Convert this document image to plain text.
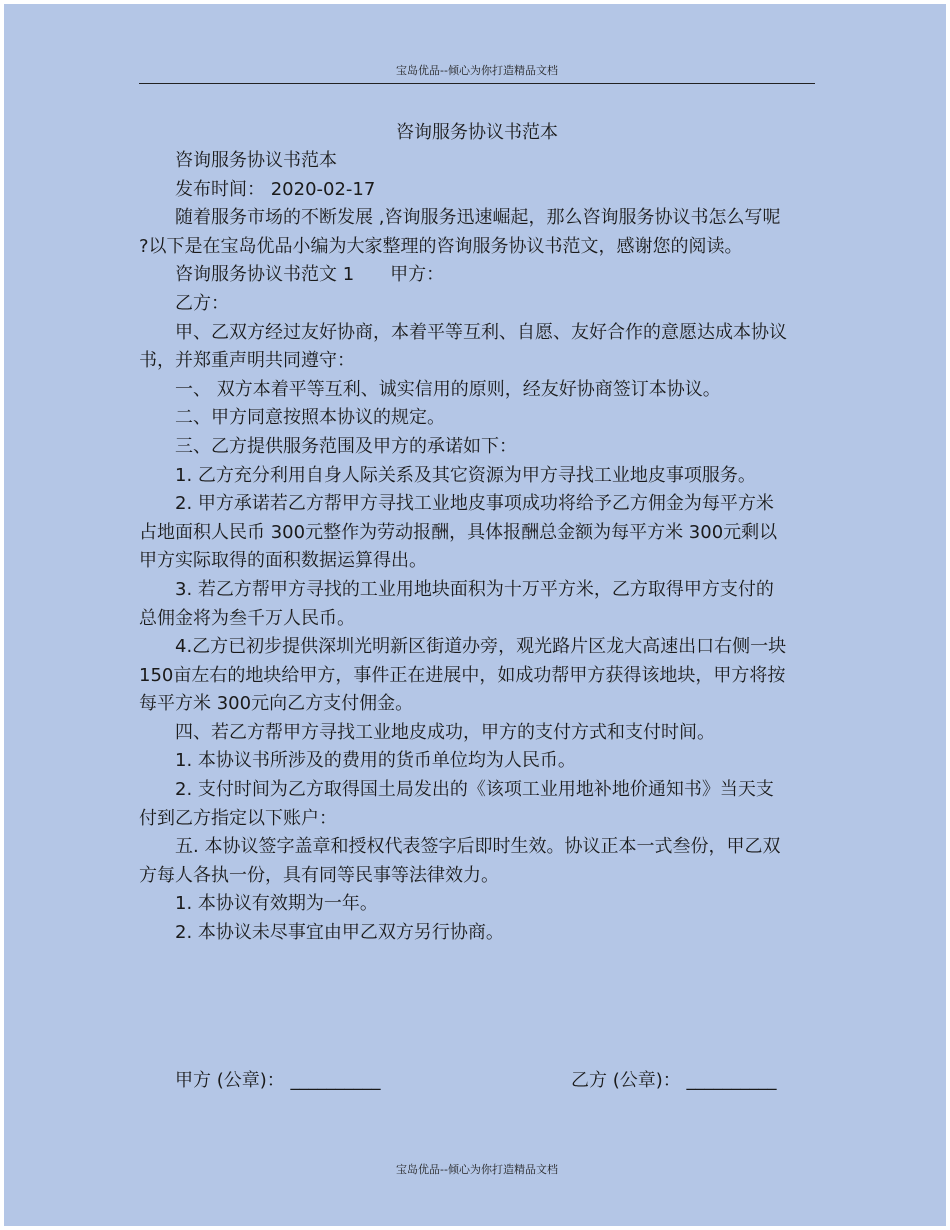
宝岛优品--倾心为你打造精品文档
咨询服务协议书范本

咨询服务协议书范本

发布时间： 2020-02-17

随着服务市场的不断发展 ,咨询服务迅速崛起，那么咨询服务协议书怎么写呢 ?以下是在宝岛优品小编为大家整理的咨询服务协议书范文，感谢您的阅读。

咨询服务协议书范文 1　　甲方：

乙方：

甲、乙双方经过友好协商，本着平等互利、自愿、友好合作的意愿达成本协议书，并郑重声明共同遵守：

一、 双方本着平等互利、诚实信用的原则，经友好协商签订本协议。

二、甲方同意按照本协议的规定。

三、乙方提供服务范围及甲方的承诺如下：

1. 乙方充分利用自身人际关系及其它资源为甲方寻找工业地皮事项服务。

2. 甲方承诺若乙方帮甲方寻找工业地皮事项成功将给予乙方佣金为每平方米占地面积人民币 300元整作为劳动报酬，具体报酬总金额为每平方米 300元剩以甲方实际取得的面积数据运算得出。

3. 若乙方帮甲方寻找的工业用地块面积为十万平方米，乙方取得甲方支付的总佣金将为叁千万人民币。

4.乙方已初步提供深圳光明新区街道办旁，观光路片区龙大高速出口右侧一块 150亩左右的地块给甲方，事件正在进展中，如成功帮甲方获得该地块，甲方将按每平方米 300元向乙方支付佣金。

四、若乙方帮甲方寻找工业地皮成功，甲方的支付方式和支付时间。

1. 本协议书所涉及的费用的货币单位均为人民币。

2. 支付时间为乙方取得国土局发出的《该项工业用地补地价通知书》当天支付到乙方指定以下账户：

五. 本协议签字盖章和授权代表签字后即时生效。协议正本一式叁份，甲乙双方每人各执一份，具有同等民事等法律效力。

1. 本协议有效期为一年。

2. 本协议未尽事宜由甲乙双方另行协商。

甲方 (公章)： __________	乙方 (公章)： __________
宝岛优品--倾心为你打造精品文档
